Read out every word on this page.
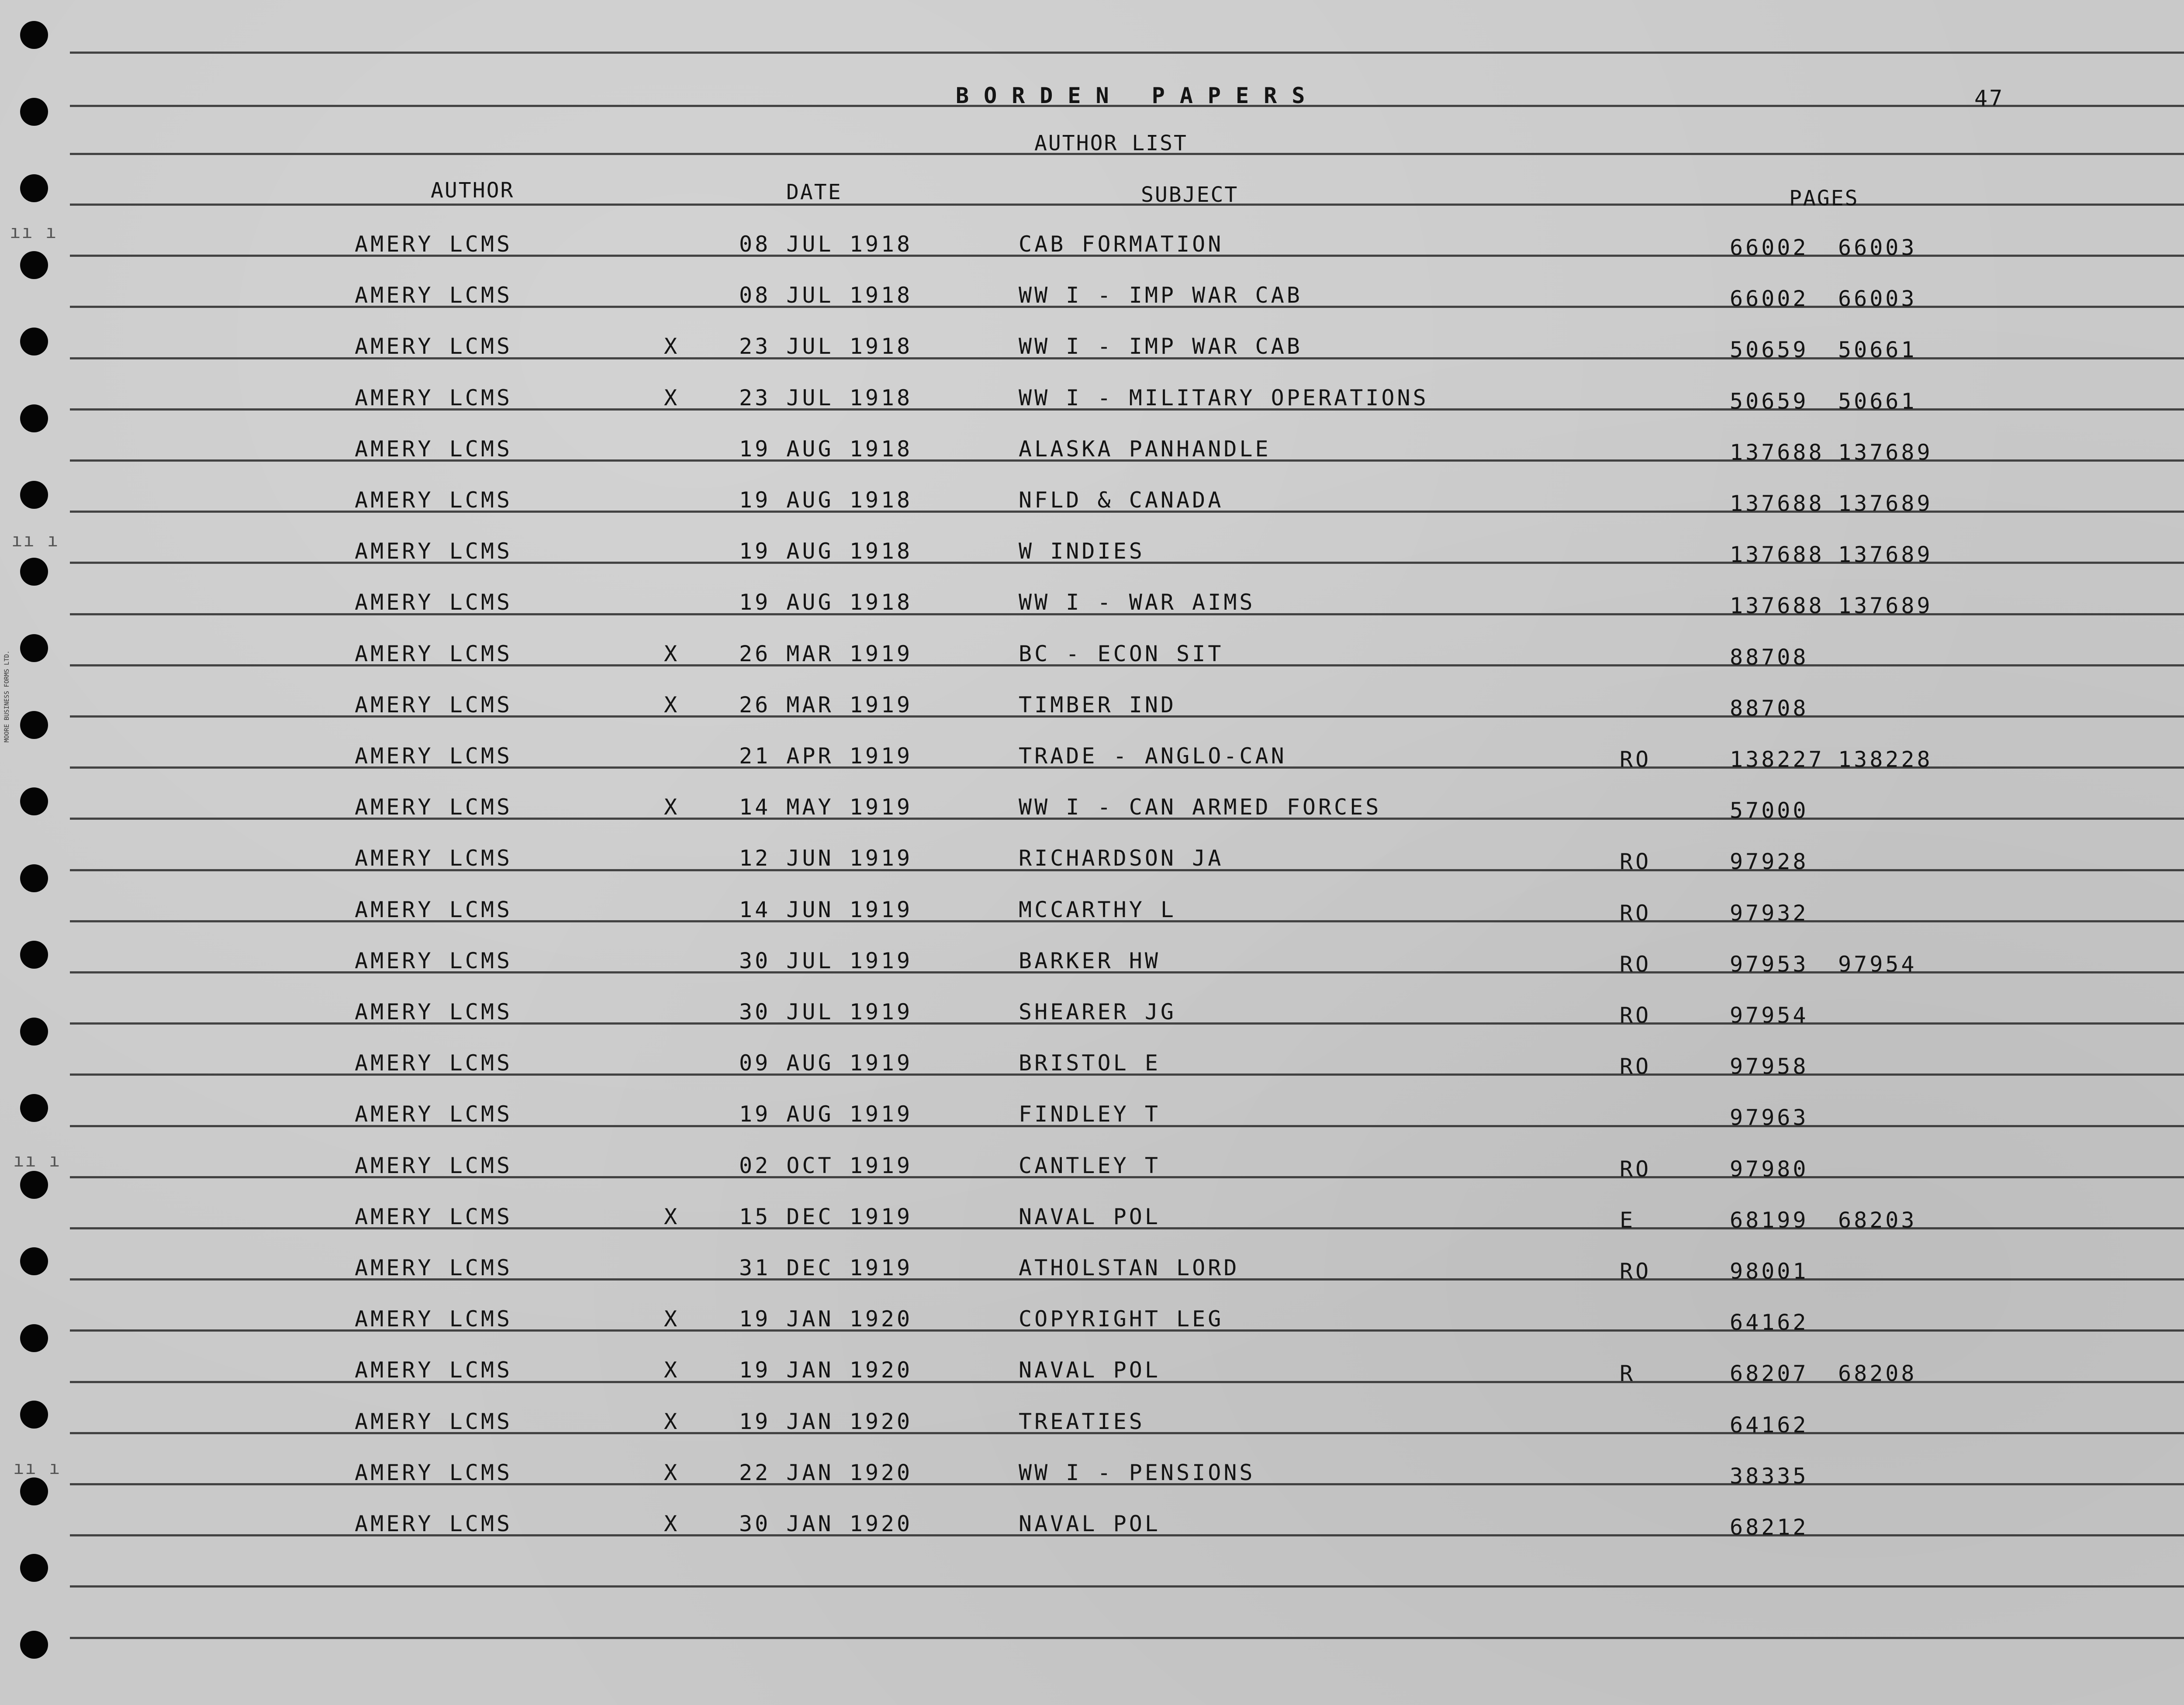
MOORE BUSINESS FORMS LTD.
BORDEN PAPERS	47
AUTHOR LIST
AUTHOR	DATE	SUBJECT	PAGES
AMERY LCMS	08 JUL 1918	CAB FORMATION	66002 66003
AMERY LCMS	08 JUL 1918	WW I - IMP WAR CAB	66002 66003
AMERY LCMS	X	23 JUL 1918	WW I - IMP WAR CAB	50659 50661
AMERY LCMS	X	23 JUL 1918	WW I - MILITARY OPERATIONS	50659 50661
AMERY LCMS	19 AUG 1918	ALASKA PANHANDLE	137688 137689
AMERY LCMS	19 AUG 1918	NFLD & CANADA	137688 137689
AMERY LCMS	19 AUG 1918	W INDIES	137688 137689
AMERY LCMS	19 AUG 1918	WW I - WAR AIMS	137688 137689
AMERY LCMS	X	26 MAR 1919	BC - ECON SIT	88708
AMERY LCMS	X	26 MAR 1919	TIMBER IND	88708
AMERY LCMS	21 APR 1919	TRADE - ANGLO-CAN	RO	138227 138228
AMERY LCMS	X	14 MAY 1919	WW I - CAN ARMED FORCES	57000
AMERY LCMS	12 JUN 1919	RICHARDSON JA	RO	97928
AMERY LCMS	14 JUN 1919	MCCARTHY L	RO	97932
AMERY LCMS	30 JUL 1919	BARKER HW	RO	97953 97954
AMERY LCMS	30 JUL 1919	SHEARER JG	RO	97954
AMERY LCMS	09 AUG 1919	BRISTOL E	RO	97958
AMERY LCMS	19 AUG 1919	FINDLEY T	97963
AMERY LCMS	02 OCT 1919	CANTLEY T	RO	97980
AMERY LCMS	X	15 DEC 1919	NAVAL POL	E	68199 68203
AMERY LCMS	31 DEC 1919	ATHOLSTAN LORD	RO	98001
AMERY LCMS	X	19 JAN 1920	COPYRIGHT LEG	64162
AMERY LCMS	X	19 JAN 1920	NAVAL POL	R	68207 68208
AMERY LCMS	X	19 JAN 1920	TREATIES	64162
AMERY LCMS	X	22 JAN 1920	WW I - PENSIONS	38335
AMERY LCMS	X	30 JAN 1920	NAVAL POL	68212
ıı ı
ıı ı
ıı ı
ıı ı
